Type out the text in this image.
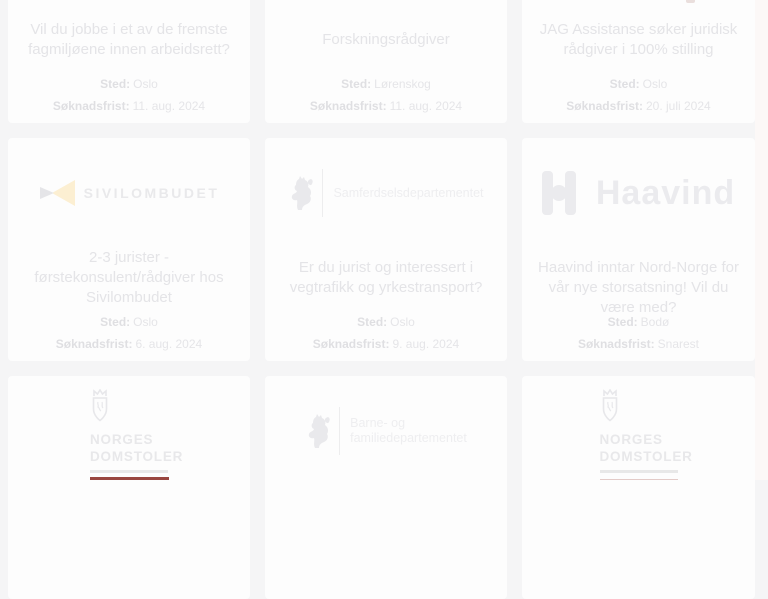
Vil du jobbe i et av de fremste fagmiljøene innen arbeidsrett?

Sted: Oslo

Søknadsfrist: 11. aug. 2024

Forskningsrådgiver

Sted: Lørenskog

Søknadsfrist: 11. aug. 2024

JAG Assistanse søker juridisk rådgiver i 100% stilling

Sted: Oslo

Søknadsfrist: 20. juli 2024

SIVILOMBUDET
2-3 jurister - førstekonsulent/rådgiver hos Sivilombudet

Sted: Oslo

Søknadsfrist: 6. aug. 2024

Samferdselsdepartementet
Er du jurist og interessert i vegtrafikk og yrkestransport?

Sted: Oslo

Søknadsfrist: 9. aug. 2024

Haavind
Haavind inntar Nord-Norge for vår nye storsatsning! Vil du være med?

Sted: Bodø

Søknadsfrist: Snarest

NORGES
DOMSTOLER
Barne- og
familiedepartementet	NORGES
DOMSTOLER
